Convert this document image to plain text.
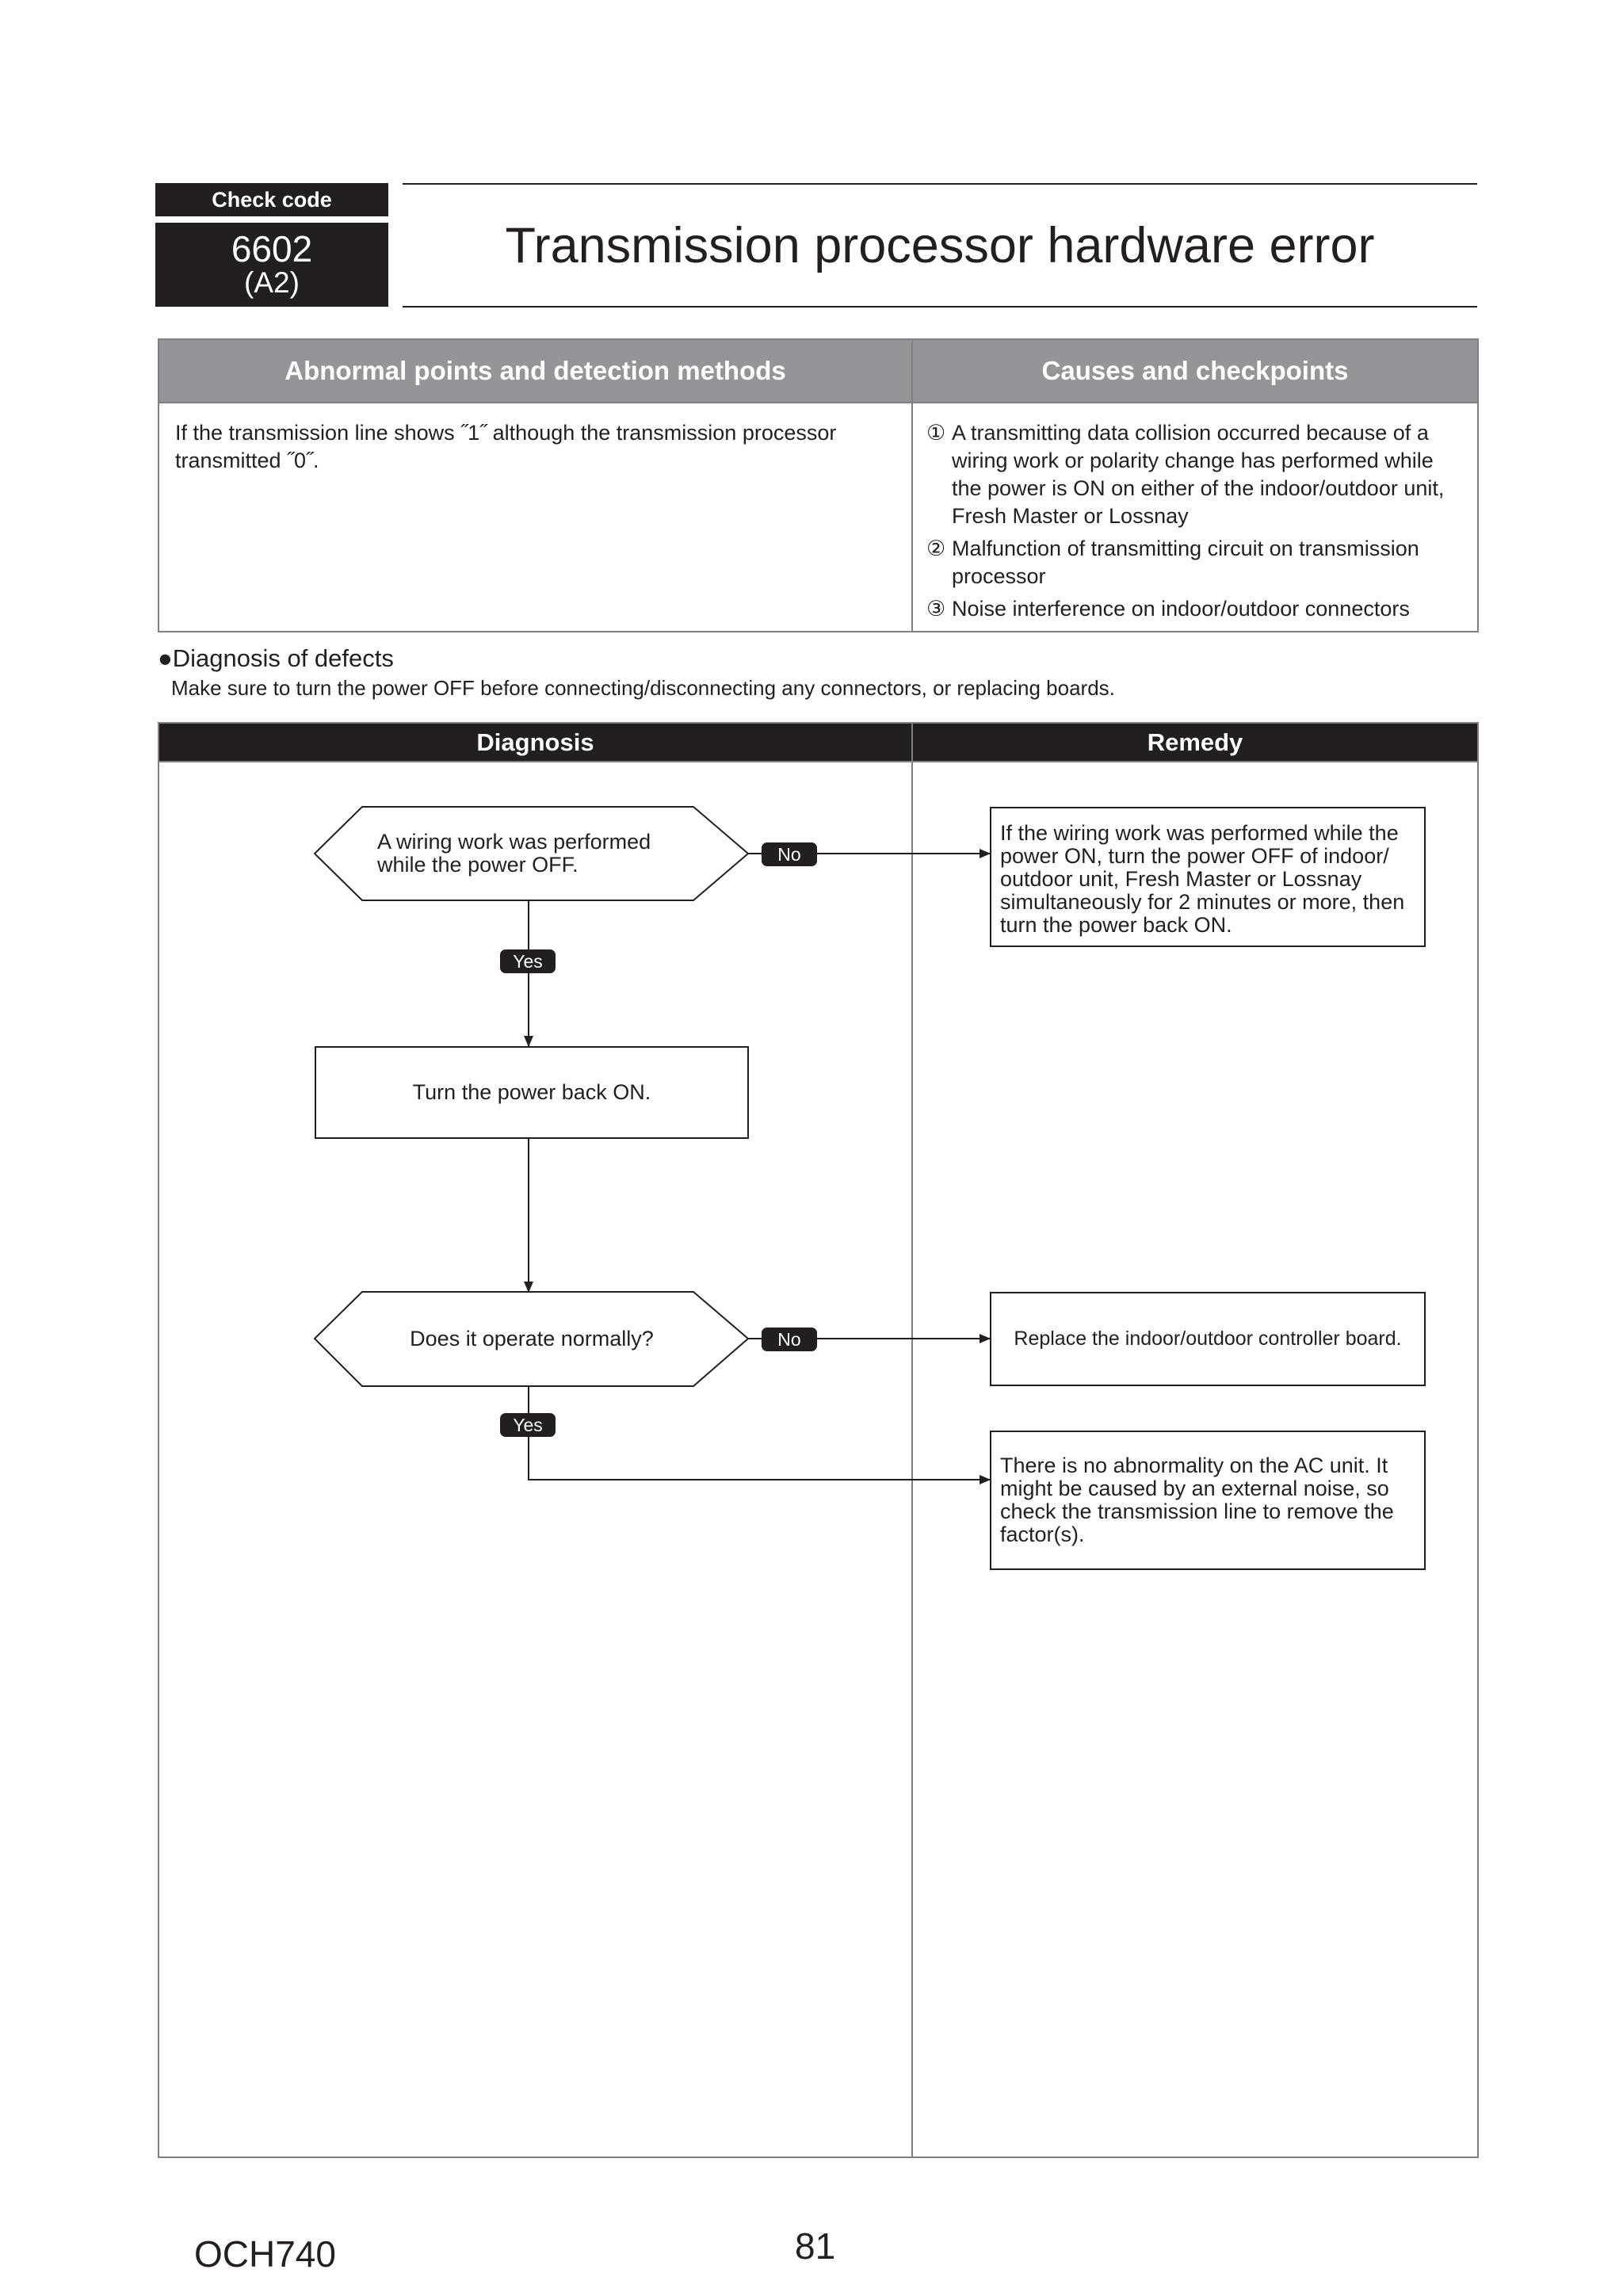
Check code
6602
(A2)
Transmission processor hardware error
Abnormal points and detection methods	Causes and checkpoints
If the transmission line shows ˝1˝ although the transmission processor transmitted ˝0˝.
① A transmitting data collision occurred because of a wiring work or polarity change has performed while the power is ON on either of the indoor/outdoor unit, Fresh Master or Lossnay
② Malfunction of transmitting circuit on transmission processor
③ Noise interference on indoor/outdoor connectors
●Diagnosis of defects
Make sure to turn the power OFF before connecting/disconnecting any connectors, or replacing boards.
Diagnosis	Remedy
A wiring work was performed while the power OFF.	No
Yes
Turn the power back ON.
Does it operate normally?	No
Yes
If the wiring work was performed while the power ON, turn the power OFF of indoor/ outdoor unit, Fresh Master or Lossnay simultaneously for 2 minutes or more, then turn the power back ON.
Replace the indoor/outdoor controller board.
There is no abnormality on the AC unit. It might be caused by an external noise, so check the transmission line to remove the factor(s).
OCH740	81
